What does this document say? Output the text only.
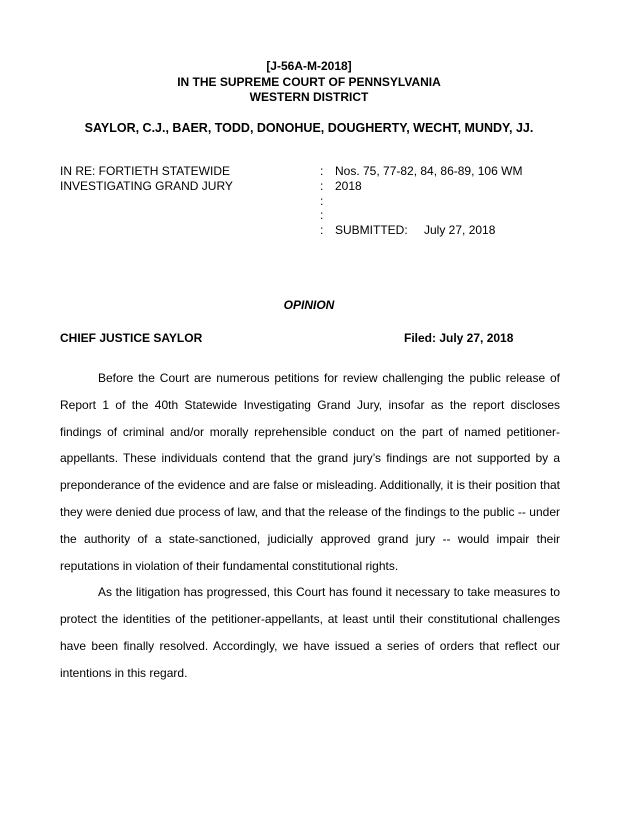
[J-56A-M-2018]
IN THE SUPREME COURT OF PENNSYLVANIA
WESTERN DISTRICT
SAYLOR, C.J., BAER, TODD, DONOHUE, DOUGHERTY, WECHT, MUNDY, JJ.
IN RE: FORTIETH STATEWIDE
INVESTIGATING GRAND JURY
:
:
:
:
:
Nos. 75, 77-82, 84, 86-89, 106 WM
2018
SUBMITTED: July 27, 2018
OPINION
CHIEF JUSTICE SAYLOR	Filed: July 27, 2018

Before the Court are numerous petitions for review challenging the public release of Report 1 of the 40th Statewide Investigating Grand Jury, insofar as the report discloses findings of criminal and/or morally reprehensible conduct on the part of named petitioner-appellants. These individuals contend that the grand jury’s findings are not supported by a preponderance of the evidence and are false or misleading. Additionally, it is their position that they were denied due process of law, and that the release of the findings to the public -- under the authority of a state-sanctioned, judicially approved grand jury -- would impair their reputations in violation of their fundamental constitutional rights.

As the litigation has progressed, this Court has found it necessary to take measures to protect the identities of the petitioner-appellants, at least until their constitutional challenges have been finally resolved. Accordingly, we have issued a series of orders that reflect our intentions in this regard.
